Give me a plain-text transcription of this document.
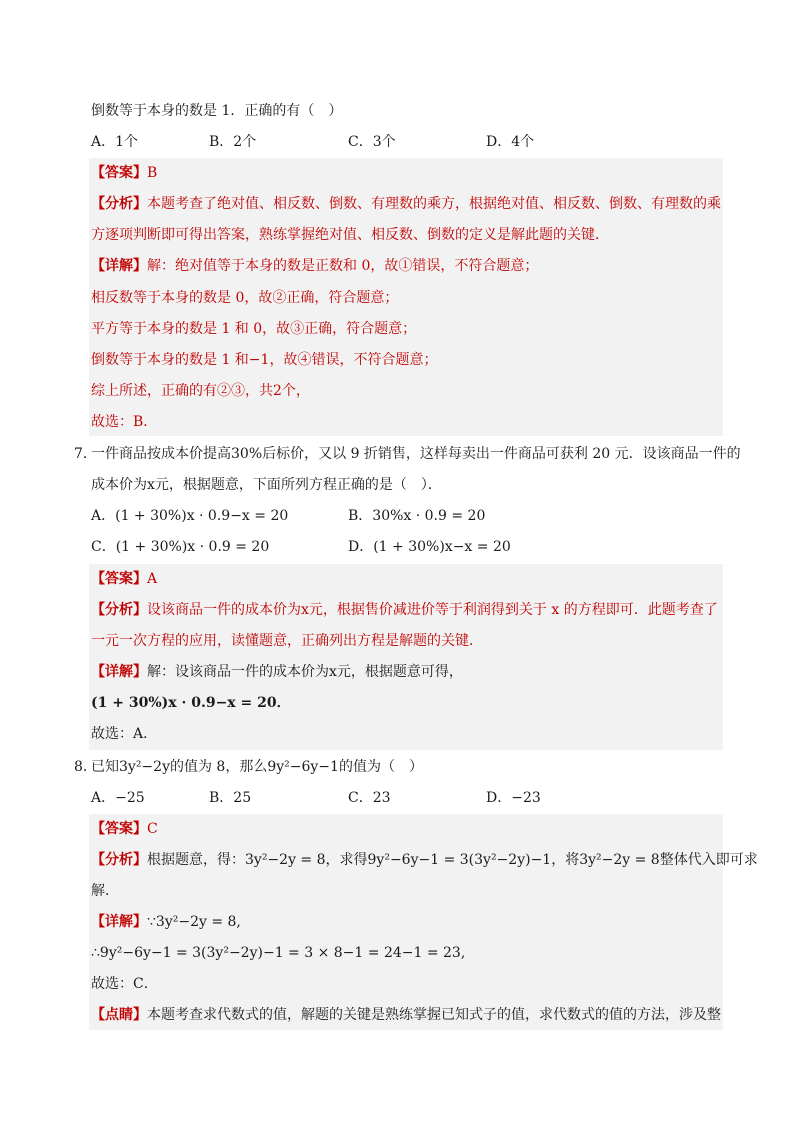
倒数等于本身的数是 1．正确的有（　）
A．1个	B．2个	C．3个	D．4个
【答案】B
【分析】本题考查了绝对值、相反数、倒数、有理数的乘方，根据绝对值、相反数、倒数、有理数的乘
方逐项判断即可得出答案，熟练掌握绝对值、相反数、倒数的定义是解此题的关键．
【详解】解：绝对值等于本身的数是正数和 0，故①错误，不符合题意；
相反数等于本身的数是 0，故②正确，符合题意；
平方等于本身的数是 1 和 0，故③正确，符合题意；
倒数等于本身的数是 1 和−1，故④错误，不符合题意；
综上所述，正确的有②③，共2个，
故选：B．
7．
一件商品按成本价提高30%后标价，又以 9 折销售，这样每卖出一件商品可获利 20 元．设该商品一件的
成本价为x元，根据题意，下面所列方程正确的是（　）．
A．(1 + 30%)x · 0.9−x = 20	B．30%x · 0.9 = 20
C．(1 + 30%)x · 0.9 = 20	D．(1 + 30%)x−x = 20
【答案】A
【分析】设该商品一件的成本价为x元，根据售价减进价等于利润得到关于 x 的方程即可．此题考查了
一元一次方程的应用，读懂题意，正确列出方程是解题的关键．
【详解】解：设该商品一件的成本价为x元，根据题意可得，
(1 + 30%)x · 0.9−x = 20．
故选：A．
8．
已知3y²−2y的值为 8，那么9y²−6y−1的值为（　）
A．−25	B．25	C．23	D．−23
【答案】C
【分析】根据题意，得：3y²−2y = 8，求得9y²−6y−1 = 3(3y²−2y)−1，将3y²−2y = 8整体代入即可求
解．
【详解】∵3y²−2y = 8,
∴9y²−6y−1 = 3(3y²−2y)−1 = 3 × 8−1 = 24−1 = 23,
故选：C．
【点睛】本题考查求代数式的值，解题的关键是熟练掌握已知式子的值，求代数式的值的方法，涉及整
